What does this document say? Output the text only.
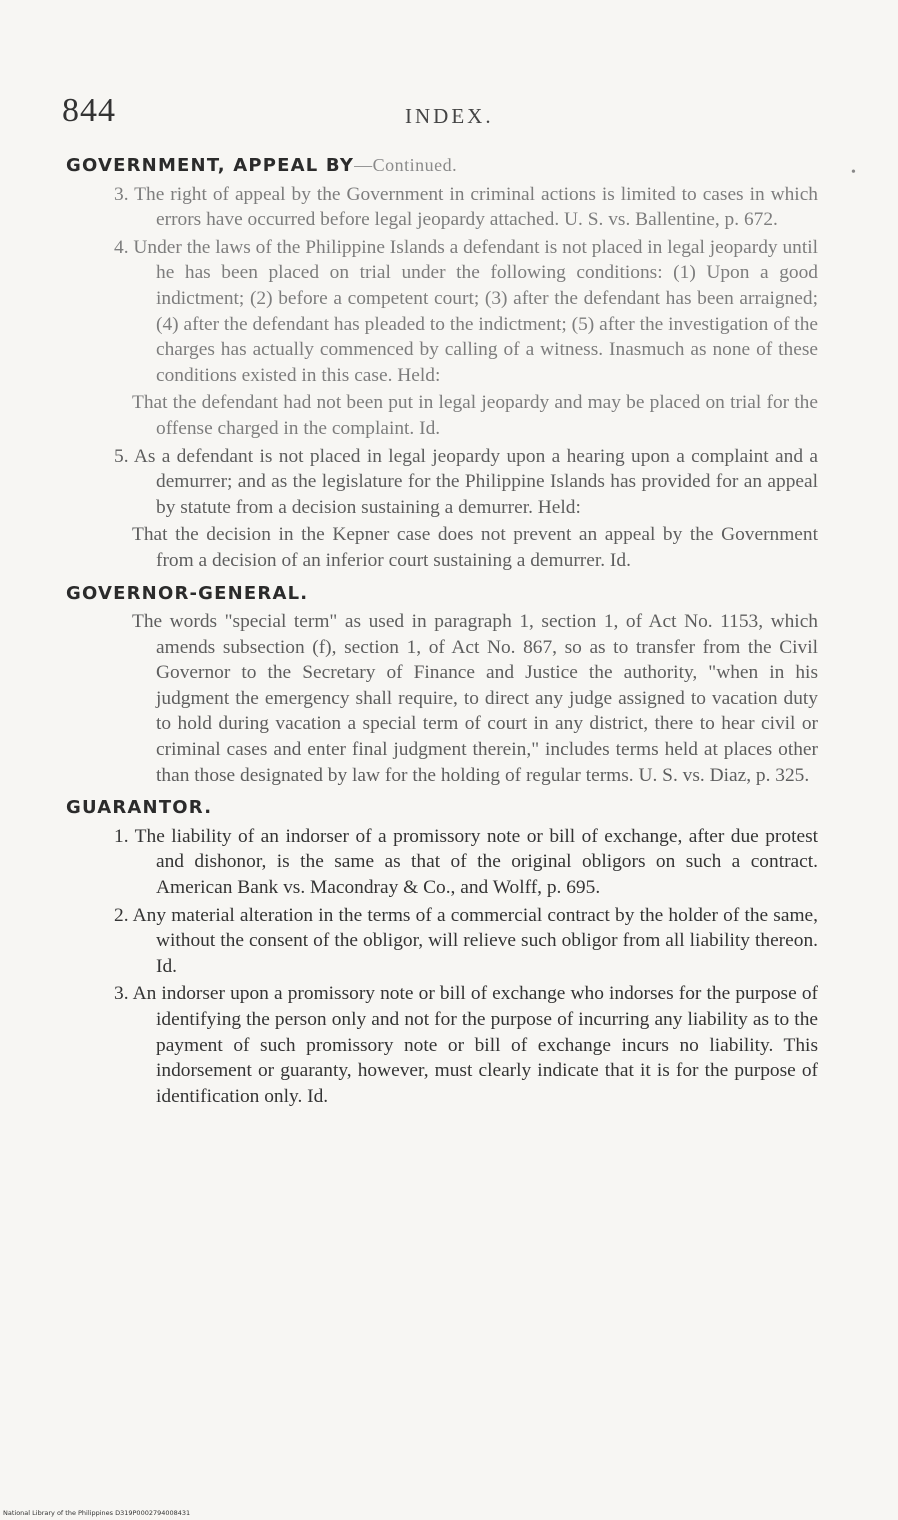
844	INDEX.
•
GOVERNMENT, APPEAL BY—Continued.

3. The right of appeal by the Government in criminal actions is limited to cases in which errors have occurred before legal jeopardy attached. U. S. vs. Ballentine, p. 672.

4. Under the laws of the Philippine Islands a defendant is not placed in legal jeopardy until he has been placed on trial under the following conditions: (1) Upon a good indictment; (2) before a competent court; (3) after the defendant has been arraigned; (4) after the defendant has pleaded to the indictment; (5) after the investigation of the charges has actually commenced by calling of a witness. Inasmuch as none of these conditions existed in this case. Held:

That the defendant had not been put in legal jeopardy and may be placed on trial for the offense charged in the complaint. Id.

5. As a defendant is not placed in legal jeopardy upon a hearing upon a complaint and a demurrer; and as the legislature for the Philippine Islands has provided for an appeal by statute from a decision sustaining a demurrer. Held:

That the decision in the Kepner case does not prevent an appeal by the Government from a decision of an inferior court sustaining a demurrer. Id.

GOVERNOR-GENERAL.

The words "special term" as used in paragraph 1, section 1, of Act No. 1153, which amends subsection (f), section 1, of Act No. 867, so as to transfer from the Civil Governor to the Secretary of Finance and Justice the authority, "when in his judgment the emergency shall require, to direct any judge assigned to vacation duty to hold during vacation a special term of court in any district, there to hear civil or criminal cases and enter final judgment therein," includes terms held at places other than those designated by law for the holding of regular terms. U. S. vs. Diaz, p. 325.

GUARANTOR.

1. The liability of an indorser of a promissory note or bill of exchange, after due protest and dishonor, is the same as that of the original obligors on such a contract. American Bank vs. Macondray & Co., and Wolff, p. 695.

2. Any material alteration in the terms of a commercial contract by the holder of the same, without the consent of the obligor, will relieve such obligor from all liability thereon. Id.

3. An indorser upon a promissory note or bill of exchange who indorses for the purpose of identifying the person only and not for the purpose of incurring any liability as to the payment of such promissory note or bill of exchange incurs no liability. This indorsement or guaranty, however, must clearly indicate that it is for the purpose of identification only. Id.

National Library of the Philippines D319P0002794008431
